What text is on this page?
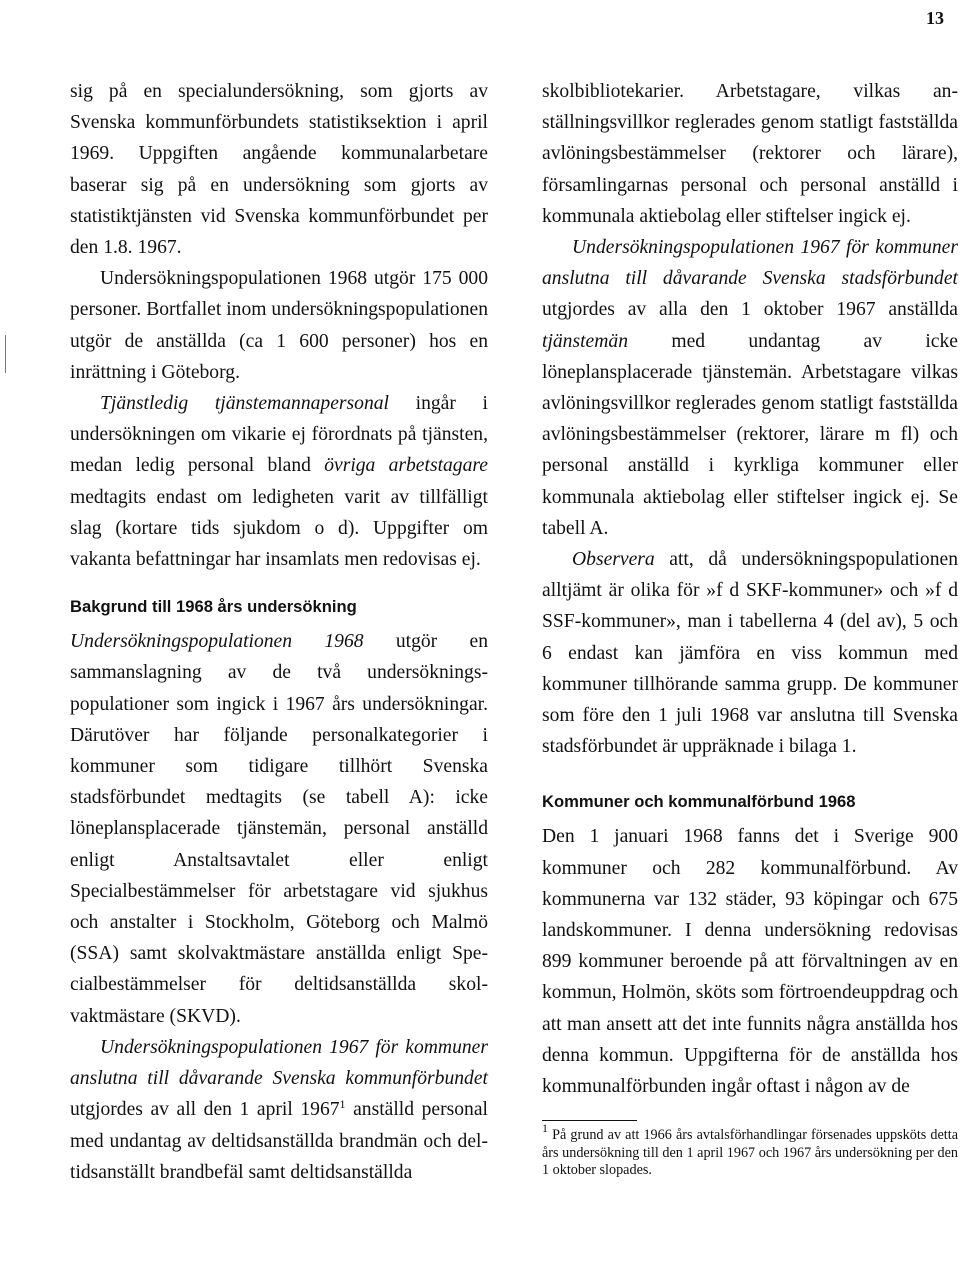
13

sig på en specialundersökning, som gjorts av Svenska kommunförbundets statistiksektion i april 1969. Uppgiften angående kommunalarbetare baserar sig på en undersökning som gjorts av statistiktjänsten vid Svenska kommunförbundet per den 1.8. 1967.

Undersökningspopulationen 1968 utgör 175 000 personer. Bortfallet inom undersökningspopulationen utgör de anställda (ca 1 600 personer) hos en inrättning i Göteborg.

Tjänstledig tjänstemannapersonal ingår i undersökningen om vikarie ej förordnats på tjänsten, medan ledig personal bland övriga arbetstagare medtagits endast om ledigheten varit av tillfälligt slag (kortare tids sjukdom o d). Uppgifter om vakanta befattningar har insamlats men redovisas ej.

Bakgrund till 1968 års undersökning

Undersökningspopulationen 1968 utgör en sammanslagning av de två undersökningspopulationer som ingick i 1967 års undersökningar. Därutöver har följande personalkategorier i kommuner som tidigare tillhört Svenska stadsförbundet medtagits (se tabell A): icke löneplansplacerade tjänstemän, personal anställd enligt Anstaltsavtalet eller enligt Specialbestämmelser för arbetstagare vid sjukhus och anstalter i Stockholm, Göteborg och Malmö (SSA) samt skolvaktmästare anställda enligt Specialbestämmelser för deltidsanställda skolvaktmästare (SKVD).

Undersökningspopulationen 1967 för kommuner anslutna till dåvarande Svenska kommunförbundet utgjordes av all den 1 april 1967$^1$ anställd personal med undantag av deltidsanställda brandmän och deltidsanställt brandbefäl samt deltidsanställda

skolbibliotekarier. Arbetstagare, vilkas anställningsvillkor reglerades genom statligt fastställda avlöningsbestämmelser (rektorer och lärare), församlingarnas personal och personal anställd i kommunala aktiebolag eller stiftelser ingick ej.

Undersökningspopulationen 1967 för kommuner anslutna till dåvarande Svenska stadsförbundet utgjordes av alla den 1 oktober 1967 anställda tjänstemän med undantag av icke löneplansplacerade tjänstemän. Arbetstagare vilkas avlöningsvillkor reglerades genom statligt fastställda avlöningsbestämmelser (rektorer, lärare m fl) och personal anställd i kyrkliga kommuner eller kommunala aktiebolag eller stiftelser ingick ej. Se tabell A.

Observera att, då undersökningspopulationen alltjämt är olika för »f d SKF-kommuner» och »f d SSF-kommuner», man i tabellerna 4 (del av), 5 och 6 endast kan jämföra en viss kommun med kommuner tillhörande samma grupp. De kommuner som före den 1 juli 1968 var anslutna till Svenska stadsförbundet är uppräknade i bilaga 1.

Kommuner och kommunalförbund 1968

Den 1 januari 1968 fanns det i Sverige 900 kommuner och 282 kommunalförbund. Av kommunerna var 132 städer, 93 köpingar och 675 landskommuner. I denna undersökning redovisas 899 kommuner beroende på att förvaltningen av en kommun, Holmön, sköts som förtroendeuppdrag och att man ansett att det inte funnits några anställda hos denna kommun. Uppgifterna för de anställda hos kommunalförbunden ingår oftast i någon av de

$^1$ På grund av att 1966 års avtalsförhandlingar försenades uppsköts detta års undersökning till den 1 april 1967 och 1967 års undersökning per den 1 oktober slopades.
